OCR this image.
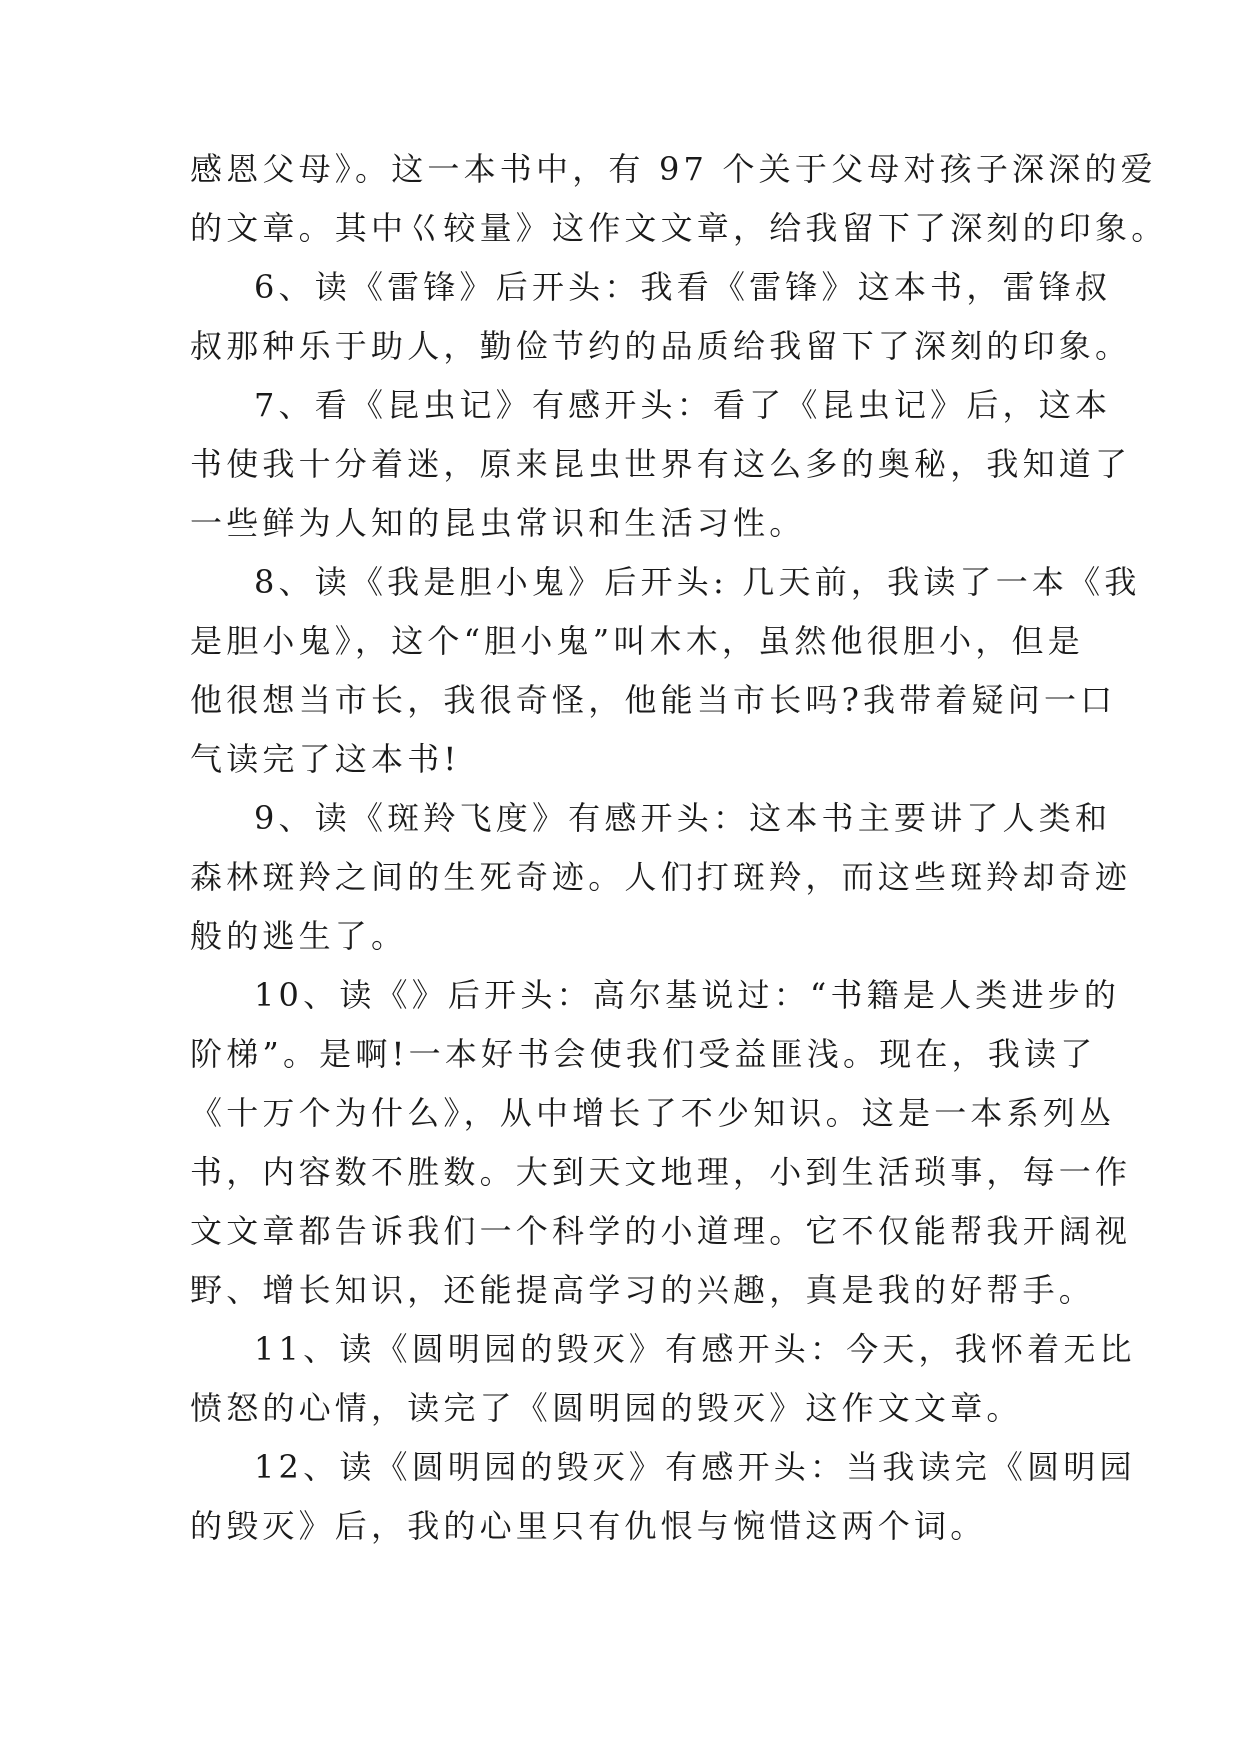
感恩父母》。这一本书中，有 97 个关于父母对孩子深深的爱
的文章。其中巜较量》这作文文章，给我留下了深刻的印象。
6、读《雷锋》后开头：我看《雷锋》这本书，雷锋叔
叔那种乐于助人，勤俭节约的品质给我留下了深刻的印象。
7、看《昆虫记》有感开头：看了《昆虫记》后，这本
书使我十分着迷，原来昆虫世界有这么多的奥秘，我知道了
一些鲜为人知的昆虫常识和生活习性。
8、读《我是胆小鬼》后开头: 几天前，我读了一本《我
是胆小鬼》，这个“胆小鬼”叫木木，虽然他很胆小，但是
他很想当市长，我很奇怪，他能当市长吗?我带着疑问一口
气读完了这本书!
9、读《斑羚飞度》有感开头：这本书主要讲了人类和
森林斑羚之间的生死奇迹。人们打斑羚，而这些斑羚却奇迹
般的逃生了。
10、读《》后开头：高尔基说过：“书籍是人类进步的
阶梯”。是啊!一本好书会使我们受益匪浅。现在，我读了
《十万个为什么》，从中增长了不少知识。这是一本系列丛
书，内容数不胜数。大到天文地理，小到生活琐事，每一作
文文章都告诉我们一个科学的小道理。它不仅能帮我开阔视
野、增长知识，还能提高学习的兴趣，真是我的好帮手。
11、读《圆明园的毁灭》有感开头：今天，我怀着无比
愤怒的心情，读完了《圆明园的毁灭》这作文文章。
12、读《圆明园的毁灭》有感开头：当我读完《圆明园
的毁灭》后，我的心里只有仇恨与惋惜这两个词。
